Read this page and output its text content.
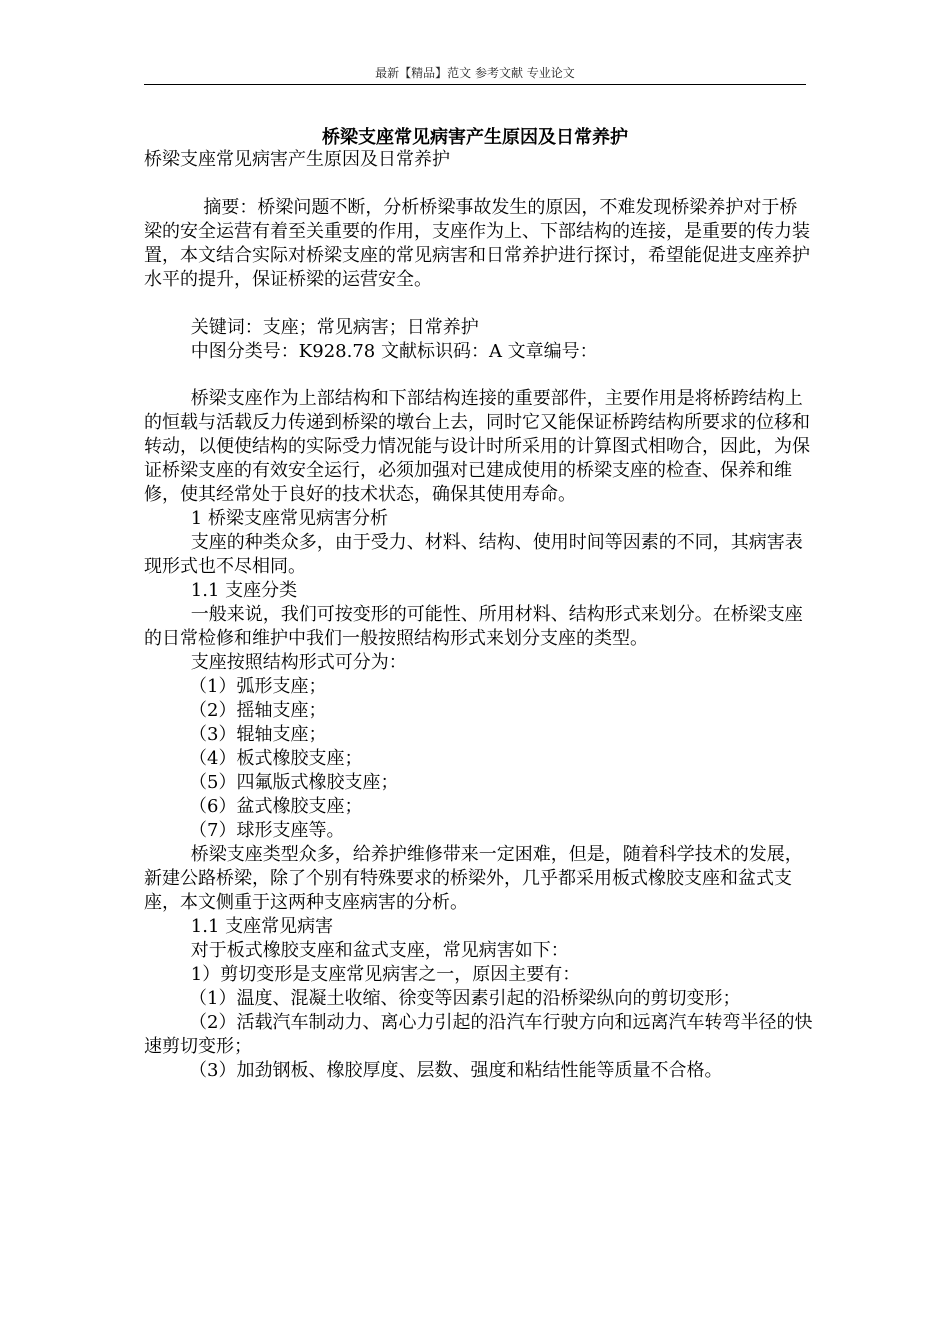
最新【精品】范文 参考文献 专业论文
桥梁支座常见病害产生原因及日常养护

桥梁支座常见病害产生原因及日常养护

摘要：桥梁问题不断，分析桥梁事故发生的原因，不难发现桥梁养护对于桥梁的安全运营有着至关重要的作用，支座作为上、下部结构的连接，是重要的传力装置，本文结合实际对桥梁支座的常见病害和日常养护进行探讨，希望能促进支座养护水平的提升，保证桥梁的运营安全。

关键词：支座；常见病害；日常养护

中图分类号：K928.78 文献标识码：A 文章编号：

桥梁支座作为上部结构和下部结构连接的重要部件，主要作用是将桥跨结构上的恒载与活载反力传递到桥梁的墩台上去，同时它又能保证桥跨结构所要求的位移和转动，以便使结构的实际受力情况能与设计时所采用的计算图式相吻合，因此，为保证桥梁支座的有效安全运行，必须加强对已建成使用的桥梁支座的检查、保养和维修，使其经常处于良好的技术状态，确保其使用寿命。

1 桥梁支座常见病害分析

支座的种类众多，由于受力、材料、结构、使用时间等因素的不同，其病害表现形式也不尽相同。

1.1 支座分类

一般来说，我们可按变形的可能性、所用材料、结构形式来划分。在桥梁支座的日常检修和维护中我们一般按照结构形式来划分支座的类型。

支座按照结构形式可分为：

（1）弧形支座；

（2）摇轴支座；

（3）辊轴支座；

（4）板式橡胶支座；

（5）四氟版式橡胶支座；

（6）盆式橡胶支座；

（7）球形支座等。

桥梁支座类型众多，给养护维修带来一定困难，但是，随着科学技术的发展，新建公路桥梁，除了个别有特殊要求的桥梁外，几乎都采用板式橡胶支座和盆式支座，本文侧重于这两种支座病害的分析。

1.1 支座常见病害

对于板式橡胶支座和盆式支座，常见病害如下：

1）剪切变形是支座常见病害之一，原因主要有：

（1）温度、混凝土收缩、徐变等因素引起的沿桥梁纵向的剪切变形；

（2）活载汽车制动力、离心力引起的沿汽车行驶方向和远离汽车转弯半径的快速剪切变形；

（3）加劲钢板、橡胶厚度、层数、强度和粘结性能等质量不合格。
